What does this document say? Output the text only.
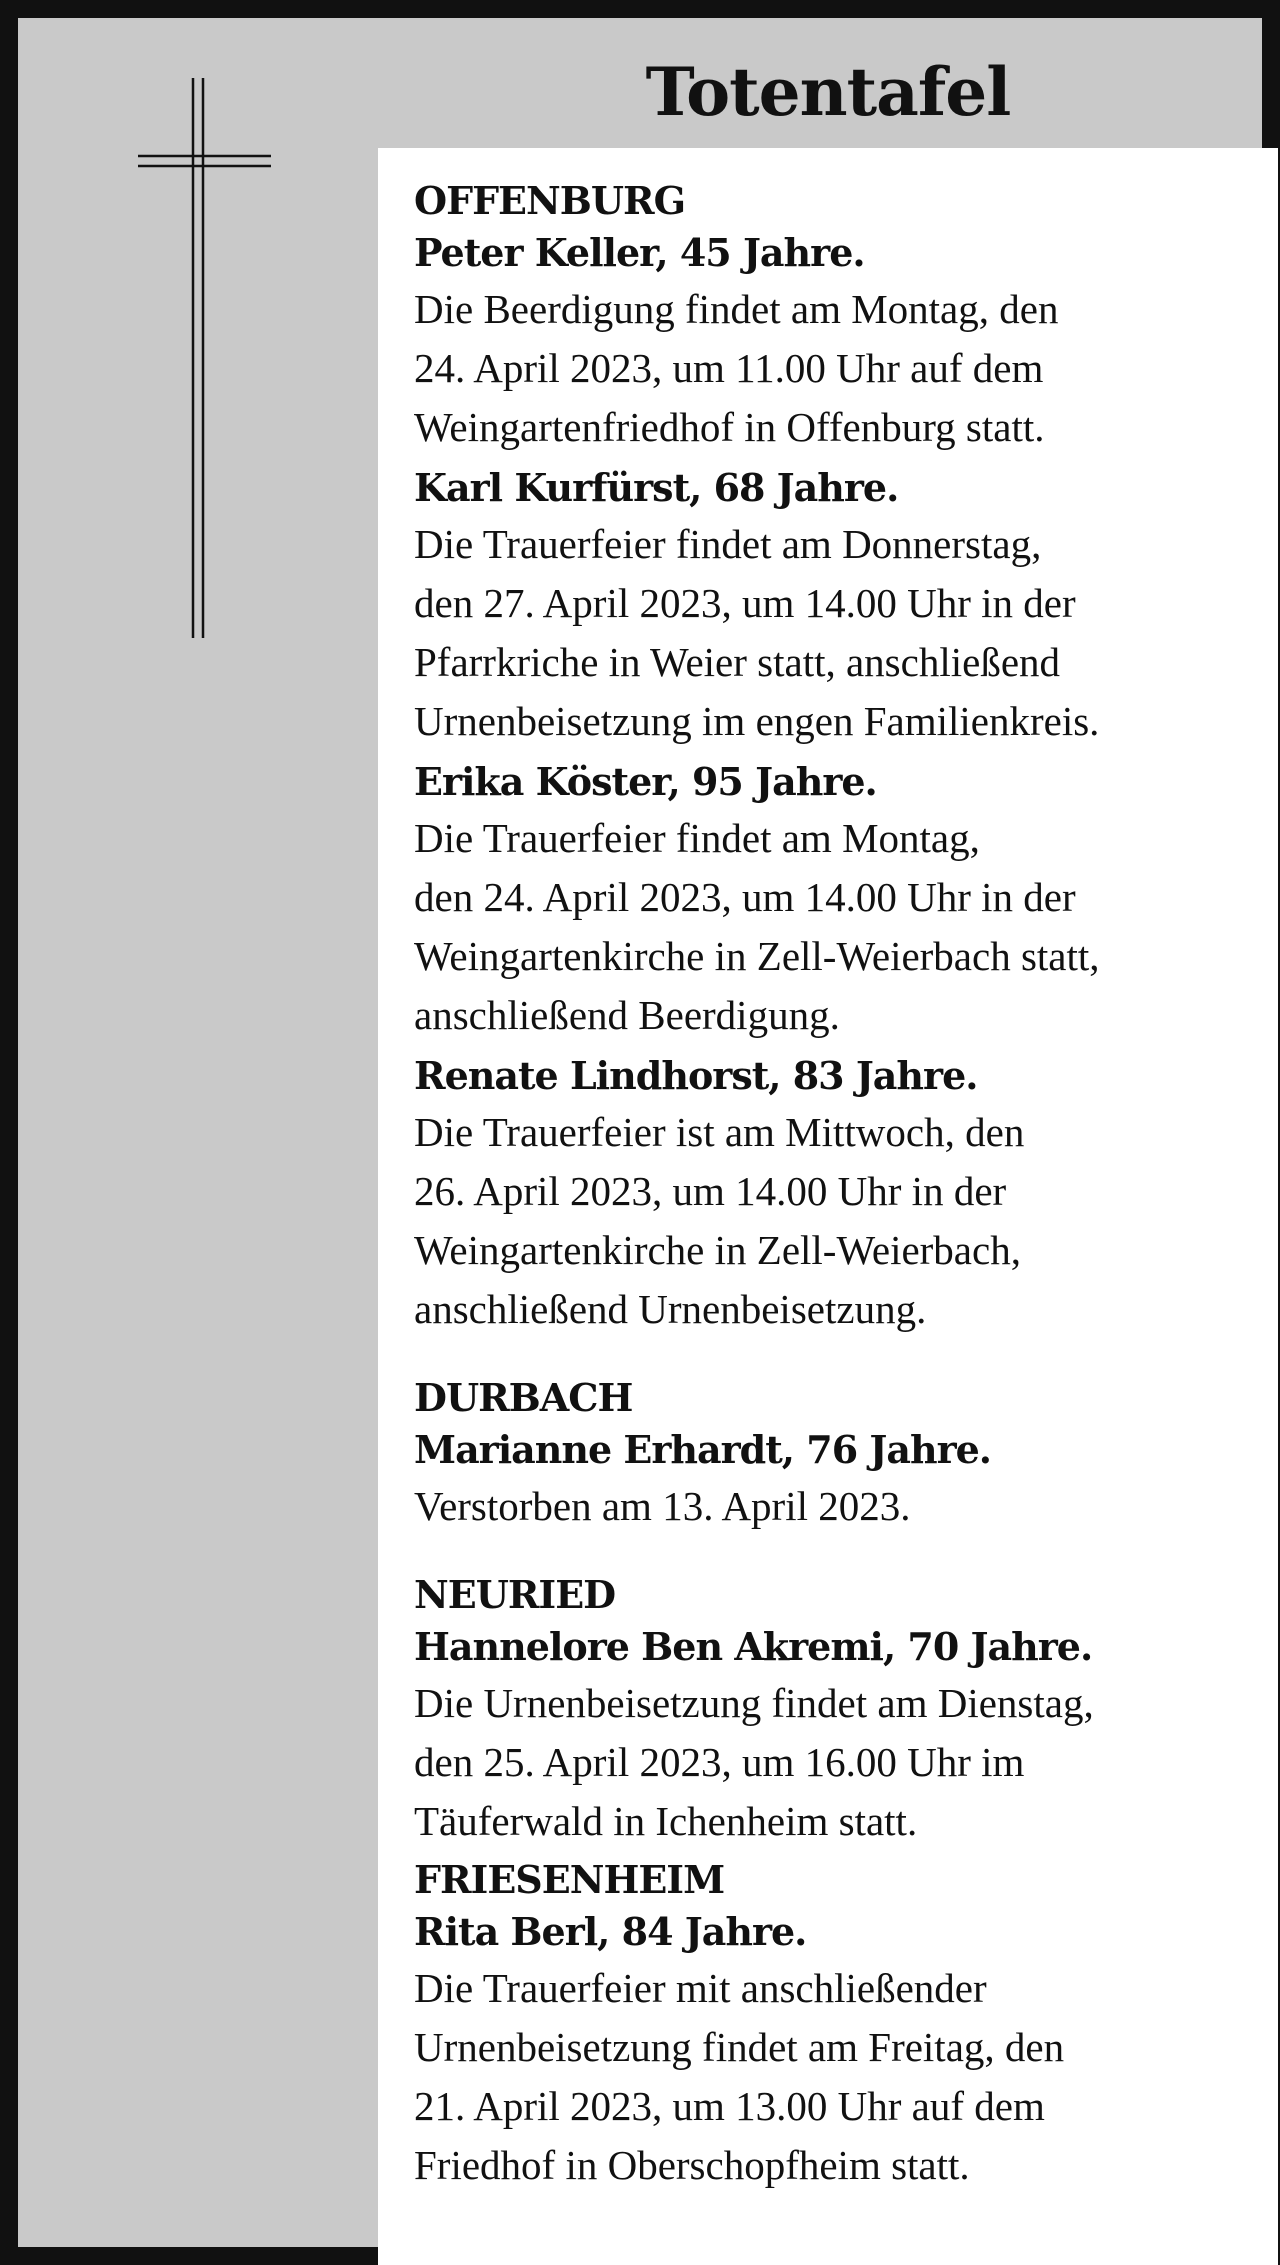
Totentafel

OFFENBURG

Peter Keller, 45 Jahre.

Die Beerdigung findet am Montag, den
24. April 2023, um 11.00 Uhr auf dem
Weingartenfriedhof in Offenburg statt.

Karl Kurfürst, 68 Jahre.

Die Trauerfeier findet am Donnerstag,
den 27. April 2023, um 14.00 Uhr in der
Pfarrkriche in Weier statt, anschließend
Urnenbeisetzung im engen Familienkreis.

Erika Köster, 95 Jahre.

Die Trauerfeier findet am Montag,
den 24. April 2023, um 14.00 Uhr in der
Weingartenkirche in Zell-Weierbach statt,
anschließend Beerdigung.

Renate Lindhorst, 83 Jahre.

Die Trauerfeier ist am Mittwoch, den
26. April 2023, um 14.00 Uhr in der
Weingartenkirche in Zell-Weierbach,
anschließend Urnenbeisetzung.

DURBACH

Marianne Erhardt, 76 Jahre.

Verstorben am 13. April 2023.

NEURIED

Hannelore Ben Akremi, 70 Jahre.

Die Urnenbeisetzung findet am Dienstag,
den 25. April 2023, um 16.00 Uhr im
Täuferwald in Ichenheim statt.

FRIESENHEIM

Rita Berl, 84 Jahre.

Die Trauerfeier mit anschließender
Urnenbeisetzung findet am Freitag, den
21. April 2023, um 13.00 Uhr auf dem
Friedhof in Oberschopfheim statt.
